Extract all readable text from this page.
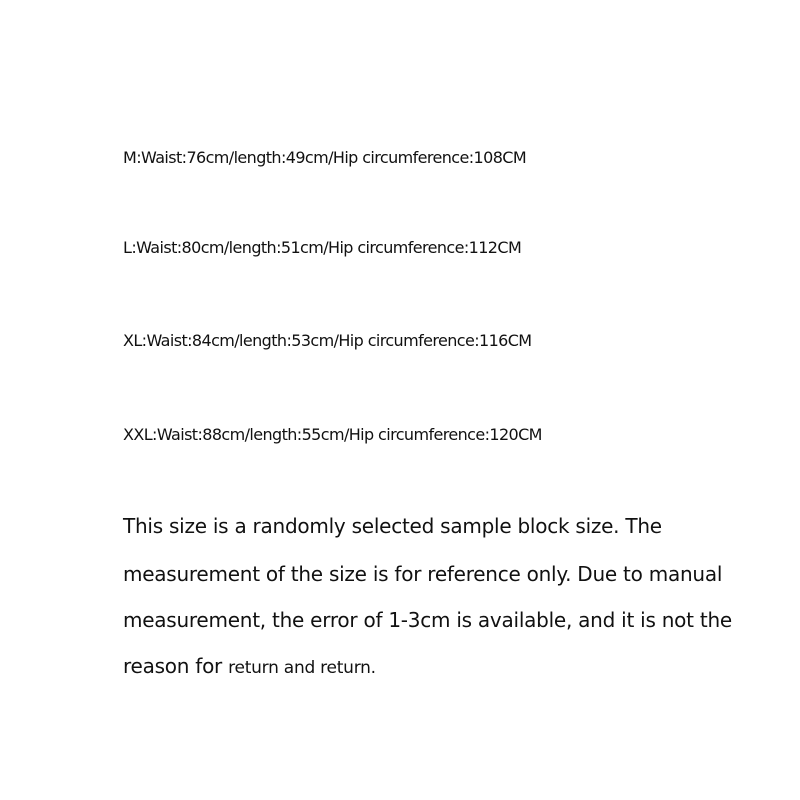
M:Waist:76cm/length:49cm/Hip circumference:108CM
L:Waist:80cm/length:51cm/Hip circumference:112CM
XL:Waist:84cm/length:53cm/Hip circumference:116CM
XXL:Waist:88cm/length:55cm/Hip circumference:120CM
This size is a randomly selected sample block size. The
measurement of the size is for reference only. Due to manual
measurement, the error of 1-3cm is available, and it is not the
reason for return and return.
